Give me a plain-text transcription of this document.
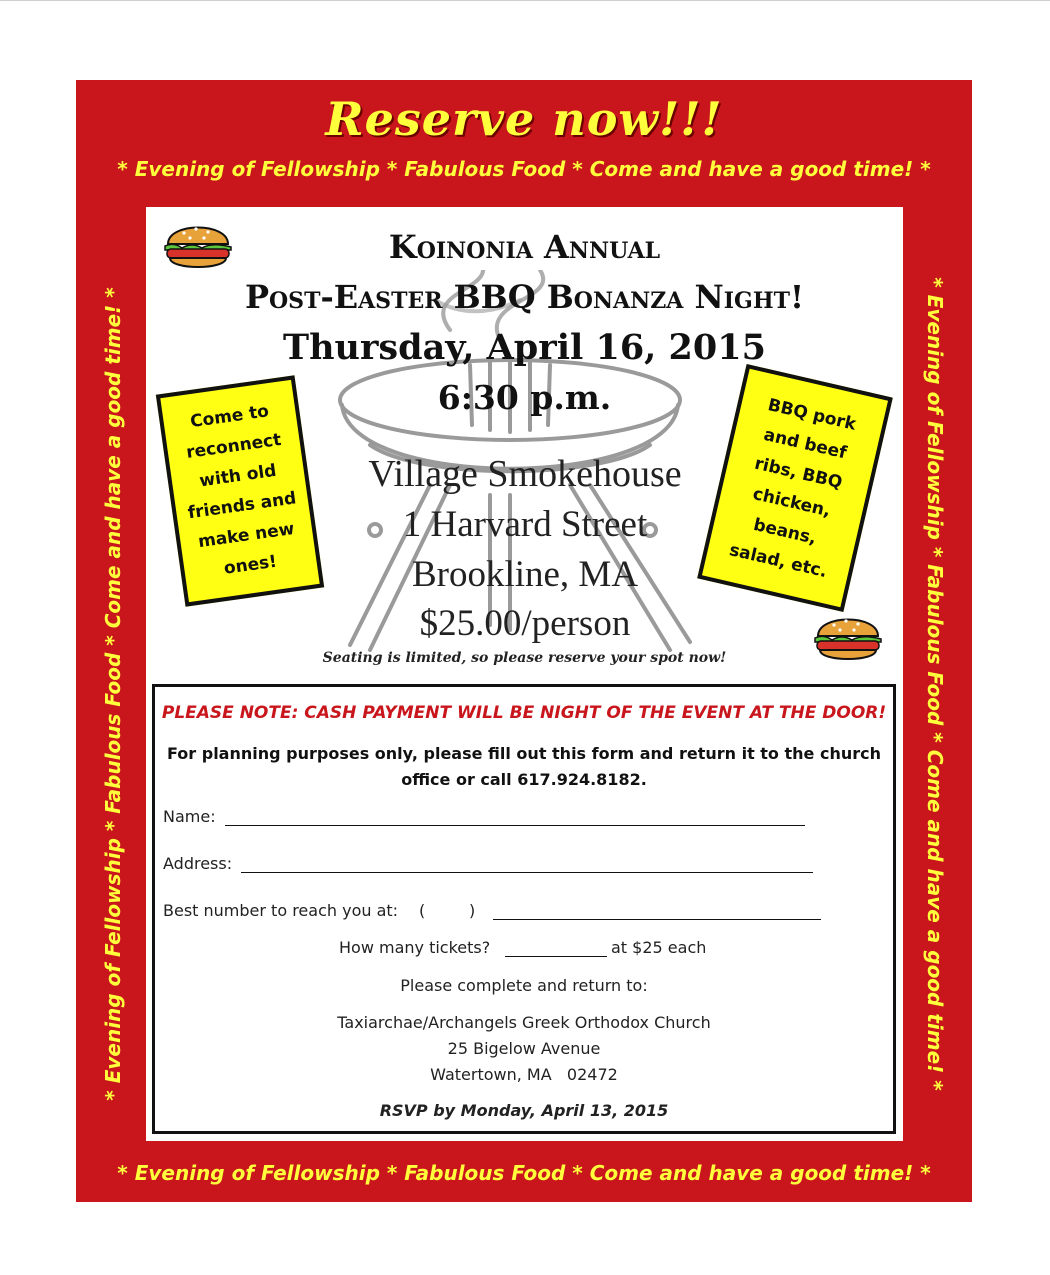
Reserve now!!!
* Evening of Fellowship * Fabulous Food * Come and have a good time! *
* Evening of Fellowship * Fabulous Food * Come and have a good time! *	* Evening of Fellowship * Fabulous Food * Come and have a good time! *
* Evening of Fellowship * Fabulous Food * Come and have a good time! *
Koinonia Annual
Post-Easter BBQ Bonanza Night!
Thursday, April 16, 2015
6:30 p.m.
Village Smokehouse
1 Harvard Street
Brookline, MA
$25.00/person
Seating is limited, so please reserve your spot now!
Come to
reconnect
with old
friends and
make new
ones!
BBQ pork
and beef
ribs, BBQ
chicken,
beans,
salad, etc.
PLEASE NOTE: CASH PAYMENT WILL BE NIGHT OF THE EVENT AT THE DOOR!
For planning purposes only, please fill out this form and return it to the church office or call 617.924.8182.
Name:
Address:
Best number to reach you at: (	)
How many tickets?	at $25 each
Please complete and return to:
Taxiarchae/Archangels Greek Orthodox Church
25 Bigelow Avenue
Watertown, MA   02472
RSVP by Monday, April 13, 2015
